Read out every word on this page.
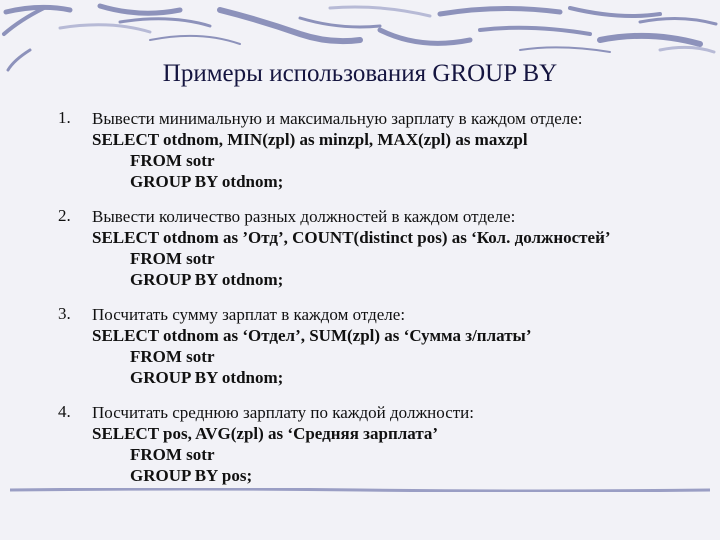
Примеры использования GROUP BY
1. Вывести минимальную и максимальную зарплату в каждом отделе:
SELECT otdnom, MIN(zpl) as minzpl, MAX(zpl) as maxzpl
FROM sotr
GROUP BY otdnom;
2. Вывести количество разных должностей в каждом отделе:
SELECT otdnom as ’Отд’, COUNT(distinct pos) as ‘Кол. должностей’
FROM sotr
GROUP BY otdnom;
3. Посчитать сумму зарплат в каждом отделе:
SELECT otdnom as ‘Отдел’, SUM(zpl) as ‘Сумма з/платы’
FROM sotr
GROUP BY otdnom;
4. Посчитать среднюю зарплату по каждой должности:
SELECT pos, AVG(zpl) as ‘Средняя зарплата’
FROM sotr
GROUP BY pos;
